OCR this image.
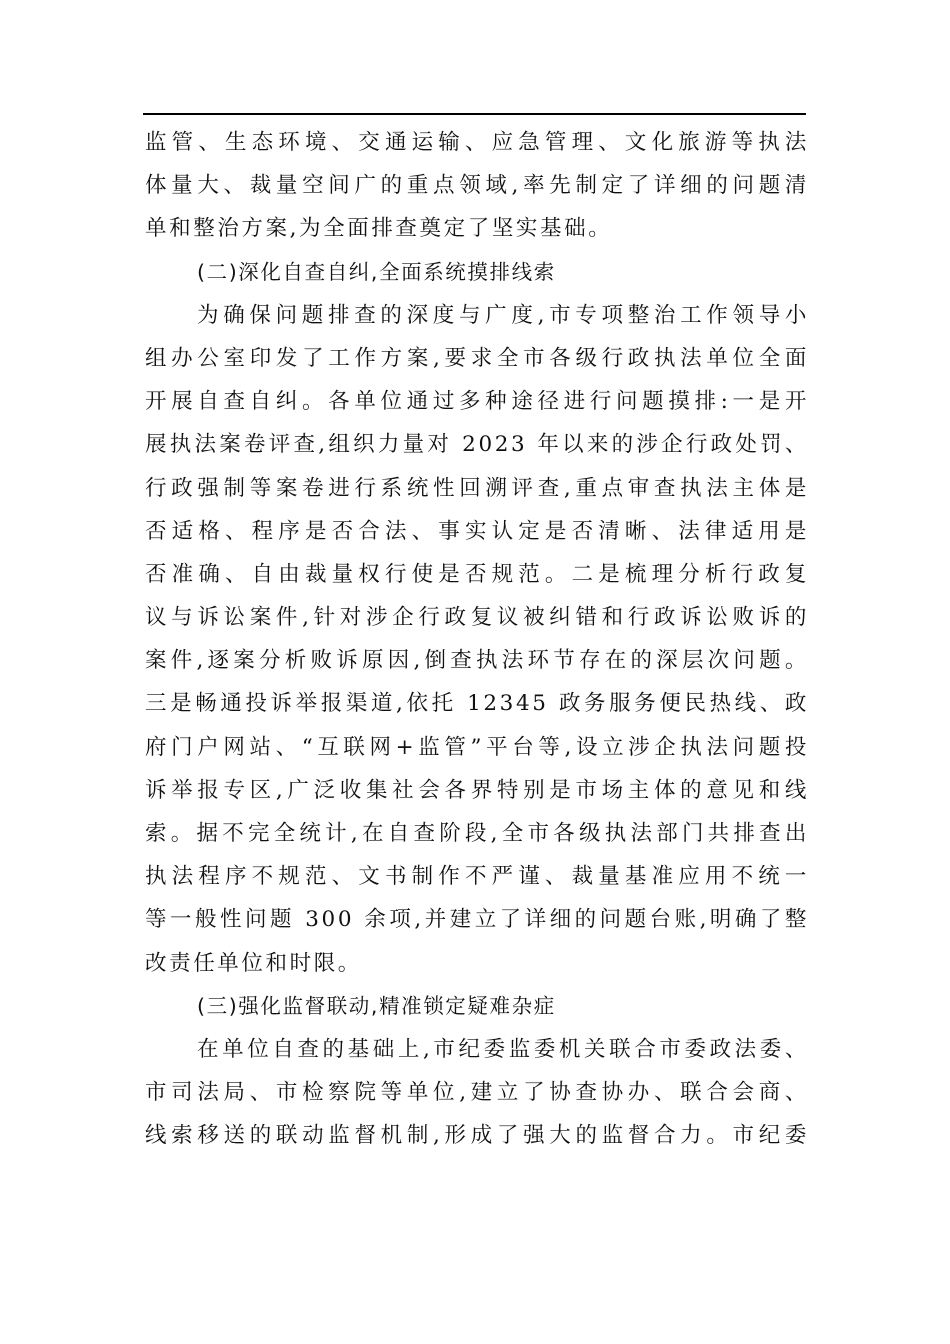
监管、生态环境、交通运输、应急管理、文化旅游等执法
体量大、裁量空间广的重点领域,率先制定了详细的问题清
单和整治方案,为全面排查奠定了坚实基础。
(二)深化自查自纠,全面系统摸排线索
为确保问题排查的深度与广度,市专项整治工作领导小
组办公室印发了工作方案,要求全市各级行政执法单位全面
开展自查自纠。各单位通过多种途径进行问题摸排:一是开
展执法案卷评查,组织力量对 2023 年以来的涉企行政处罚、
行政强制等案卷进行系统性回溯评查,重点审查执法主体是
否适格、程序是否合法、事实认定是否清晰、法律适用是
否准确、自由裁量权行使是否规范。二是梳理分析行政复
议与诉讼案件,针对涉企行政复议被纠错和行政诉讼败诉的
案件,逐案分析败诉原因,倒查执法环节存在的深层次问题。
三是畅通投诉举报渠道,依托 12345 政务服务便民热线、政
府门户网站、“互联网+监管”平台等,设立涉企执法问题投
诉举报专区,广泛收集社会各界特别是市场主体的意见和线
索。据不完全统计,在自查阶段,全市各级执法部门共排查出
执法程序不规范、文书制作不严谨、裁量基准应用不统一
等一般性问题 300 余项,并建立了详细的问题台账,明确了整
改责任单位和时限。
(三)强化监督联动,精准锁定疑难杂症
在单位自查的基础上,市纪委监委机关联合市委政法委、
市司法局、市检察院等单位,建立了协查协办、联合会商、
线索移送的联动监督机制,形成了强大的监督合力。市纪委
